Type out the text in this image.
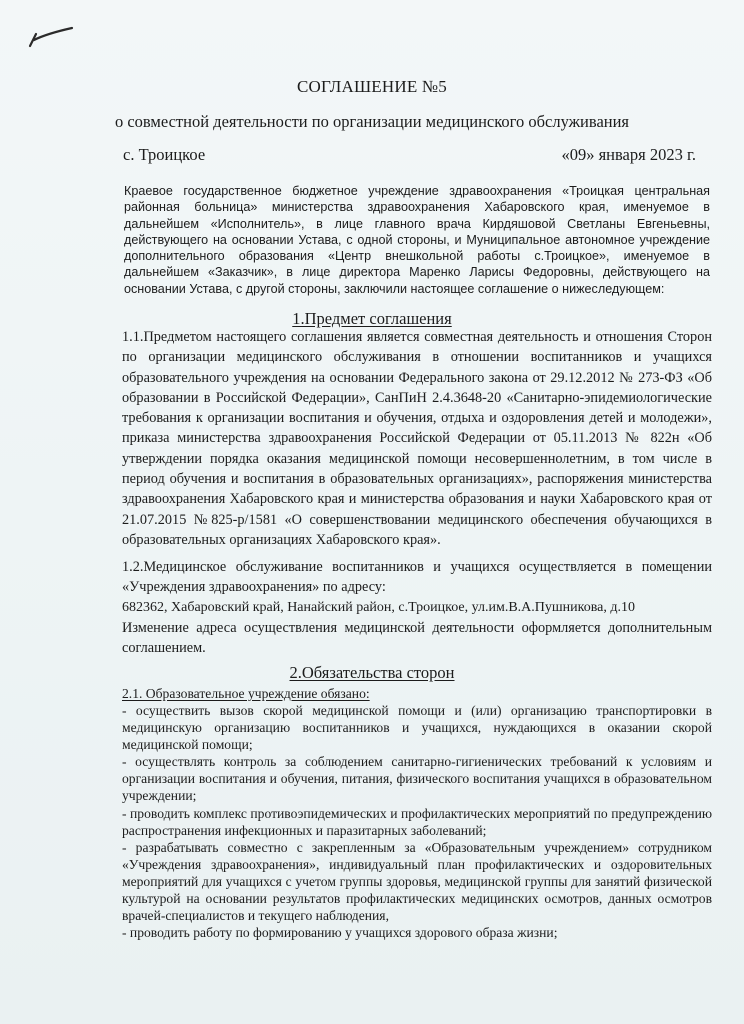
СОГЛАШЕНИЕ №5
о совместной деятельности по организации медицинского обслуживания
с. Троицкое	«09» января 2023 г.
Краевое государственное бюджетное учреждение здравоохранения «Троицкая центральная районная больница» министерства здравоохранения Хабаровского края, именуемое в дальнейшем «Исполнитель», в лице главного врача Кирдяшовой Светланы Евгеньевны, действующего на основании Устава, с одной стороны, и Муниципальное автономное учреждение дополнительного образования «Центр внешкольной работы с.Троицкое», именуемое в дальнейшем «Заказчик», в лице директора Маренко Ларисы Федоровны, действующего на основании Устава, с другой стороны, заключили настоящее соглашение о нижеследующем:
1.Предмет соглашения
1.1.Предметом настоящего соглашения является совместная деятельность и отношения Сторон по организации медицинского обслуживания в отношении воспитанников и учащихся образовательного учреждения на основании Федерального закона от 29.12.2012 № 273-ФЗ «Об образовании в Российской Федерации», СанПиН 2.4.3648-20 «Санитарно-эпидемиологические требования к организации воспитания и обучения, отдыха и оздоровления детей и молодежи», приказа министерства здравоохранения Российской Федерации от 05.11.2013 № 822н «Об утверждении порядка оказания медицинской помощи несовершеннолетним, в том числе в период обучения и воспитания в образовательных организациях», распоряжения министерства здравоохранения Хабаровского края и министерства образования и науки Хабаровского края от 21.07.2015 №825-р/1581 «О совершенствовании медицинского обеспечения обучающихся в образовательных организациях Хабаровского края».
1.2.Медицинское обслуживание воспитанников и учащихся осуществляется в помещении «Учреждения здравоохранения» по адресу:
682362, Хабаровский край, Нанайский район, с.Троицкое, ул.им.В.А.Пушникова, д.10
Изменение адреса осуществления медицинской деятельности оформляется дополнительным соглашением.
2.Обязательства сторон
2.1. Образовательное учреждение обязано:

- осуществить вызов скорой медицинской помощи и (или) организацию транспортировки в медицинскую организацию воспитанников и учащихся, нуждающихся в оказании скорой медицинской помощи;

- осуществлять контроль за соблюдением санитарно-гигиенических требований к условиям и организации воспитания и обучения, питания, физического воспитания учащихся в образовательном учреждении;

- проводить комплекс противоэпидемических и профилактических мероприятий по предупреждению распространения инфекционных и паразитарных заболеваний;

- разрабатывать совместно с закрепленным за «Образовательным учреждением» сотрудником «Учреждения здравоохранения», индивидуальный план профилактических и оздоровительных мероприятий для учащихся с учетом группы здоровья, медицинской группы для занятий физической культурой на основании результатов профилактических медицинских осмотров, данных осмотров врачей-специалистов и текущего наблюдения,

- проводить работу по формированию у учащихся здорового образа жизни;
